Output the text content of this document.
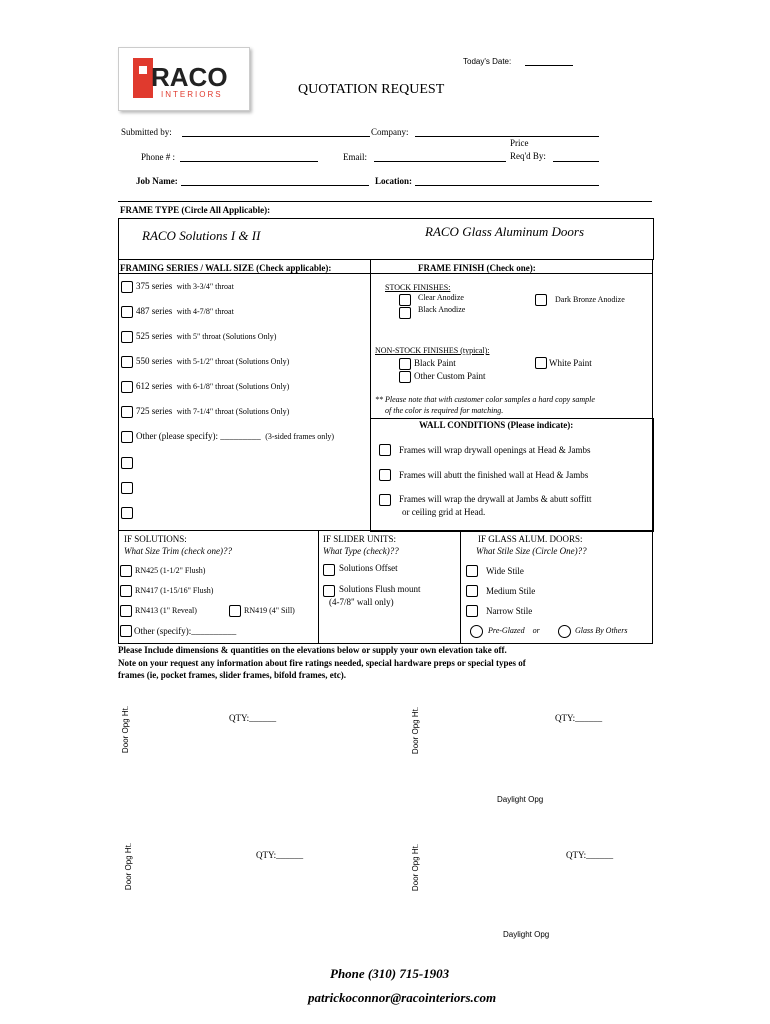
RACO
INTERIORS
Today's Date:
QUOTATION REQUEST
Submitted by:	Company:
Price
Req'd By:
Phone # :	Email:
Job Name:	Location:
FRAME TYPE (Circle All Applicable):
RACO Solutions I & II	RACO Glass Aluminum Doors
FRAMING SERIES / WALL SIZE (Check applicable):
375 series with 3-3/4" throat
487 series with 4-7/8" throat
525 series with 5" throat (Solutions Only)
550 series with 5-1/2" throat (Solutions Only)
612 series with 6-1/8" throat (Solutions Only)
725 series with 7-1/4" throat (Solutions Only)
Other (please specify): _________ (3-sided frames only)
FRAME FINISH (Check one):
STOCK FINISHES:
Clear Anodize
Black Anodize
Dark Bronze Anodize
NON-STOCK FINISHES (typical):
Black Paint	White Paint
Other Custom Paint
** Please note that with customer color samples a hard copy sample
of the color is required for matching.
WALL CONDITIONS (Please indicate):
Frames will wrap drywall openings at Head & Jambs
Frames will abutt the finished wall at Head & Jambs
Frames will wrap the drywall at Jambs & abutt soffitt
or ceiling grid at Head.
IF SOLUTIONS:
What Size Trim (check one)??
RN425 (1-1/2" Flush)
RN417 (1-15/16" Flush)
RN413 (1" Reveal)	RN419 (4" Sill)
Other (specify):__________
IF SLIDER UNITS:
What Type (check)??
Solutions Offset
Solutions Flush mount
(4-7/8" wall only)
IF GLASS ALUM. DOORS:
What Stile Size (Circle One)??
Wide Stile
Medium Stile
Narrow Stile
Pre-Glazed or	Glass By Others
Please Include dimensions & quantities on the elevations below or supply your own elevation take off.
Note on your request any information about fire ratings needed, special hardware preps or special types of
frames (ie, pocket frames, slider frames, bifold frames, etc).
Door Opg Ht.	QTY:______	Door Opg Ht.	QTY:______
Daylight Opg
Door Opg Ht.	QTY:______	Door Opg Ht.	QTY:______
Daylight Opg
Phone (310) 715-1903
patrickoconnor@racointeriors.com
